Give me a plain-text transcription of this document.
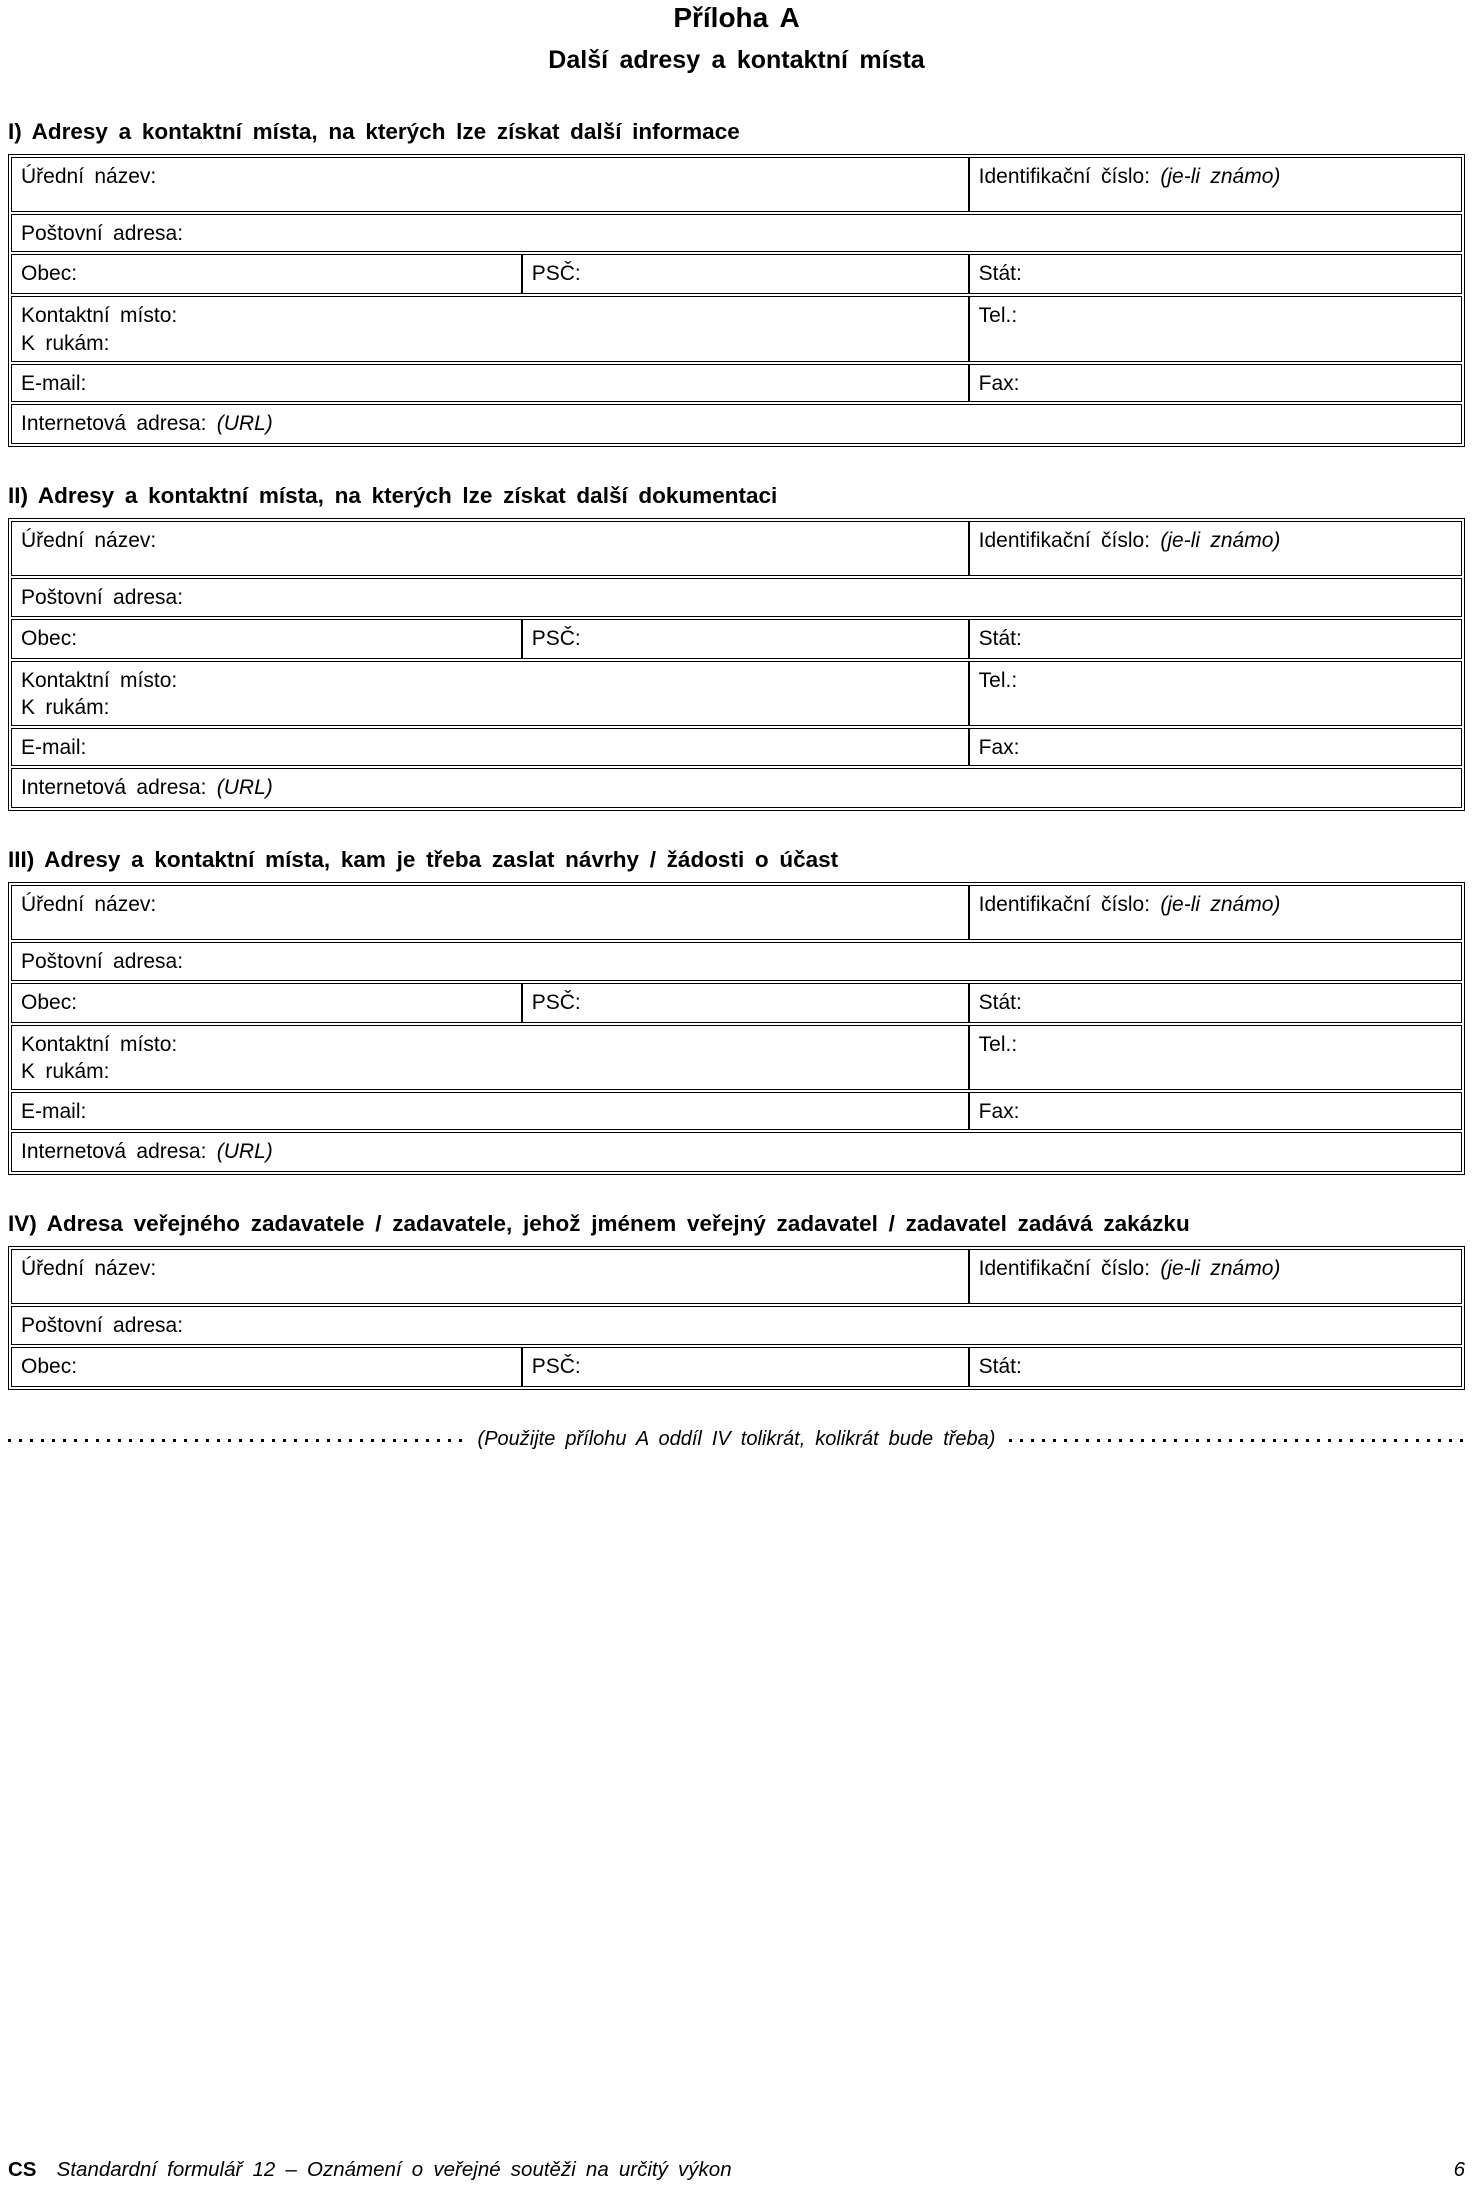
Příloha A
Další adresy a kontaktní místa
I) Adresy a kontaktní místa, na kterých lze získat další informace
Úřední název:		Identifikační číslo: (je-li známo)
Poštovní adresa:		
Obec:	PSČ:	Stát:

Kontaktní místo:
K rukám:		Tel.:
E-mail:		Fax:
Internetová adresa: (URL)		
II) Adresy a kontaktní místa, na kterých lze získat další dokumentaci
Úřední název:		Identifikační číslo: (je-li známo)
Poštovní adresa:		
Obec:	PSČ:	Stát:

Kontaktní místo:
K rukám:		Tel.:
E-mail:		Fax:
Internetová adresa: (URL)		
III) Adresy a kontaktní místa, kam je třeba zaslat návrhy / žádosti o účast
Úřední název:		Identifikační číslo: (je-li známo)
Poštovní adresa:		
Obec:	PSČ:	Stát:

Kontaktní místo:
K rukám:		Tel.:
E-mail:		Fax:
Internetová adresa: (URL)		
IV) Adresa veřejného zadavatele / zadavatele, jehož jménem veřejný zadavatel / zadavatel zadává zakázku
Úřední název:		Identifikační číslo: (je-li známo)
Poštovní adresa:		
Obec:	PSČ:	Stát:
(Použijte přílohu A oddíl IV tolikrát, kolikrát bude třeba)
CS Standardní formulář 12 – Oznámení o veřejné soutěži na určitý výkon	6
